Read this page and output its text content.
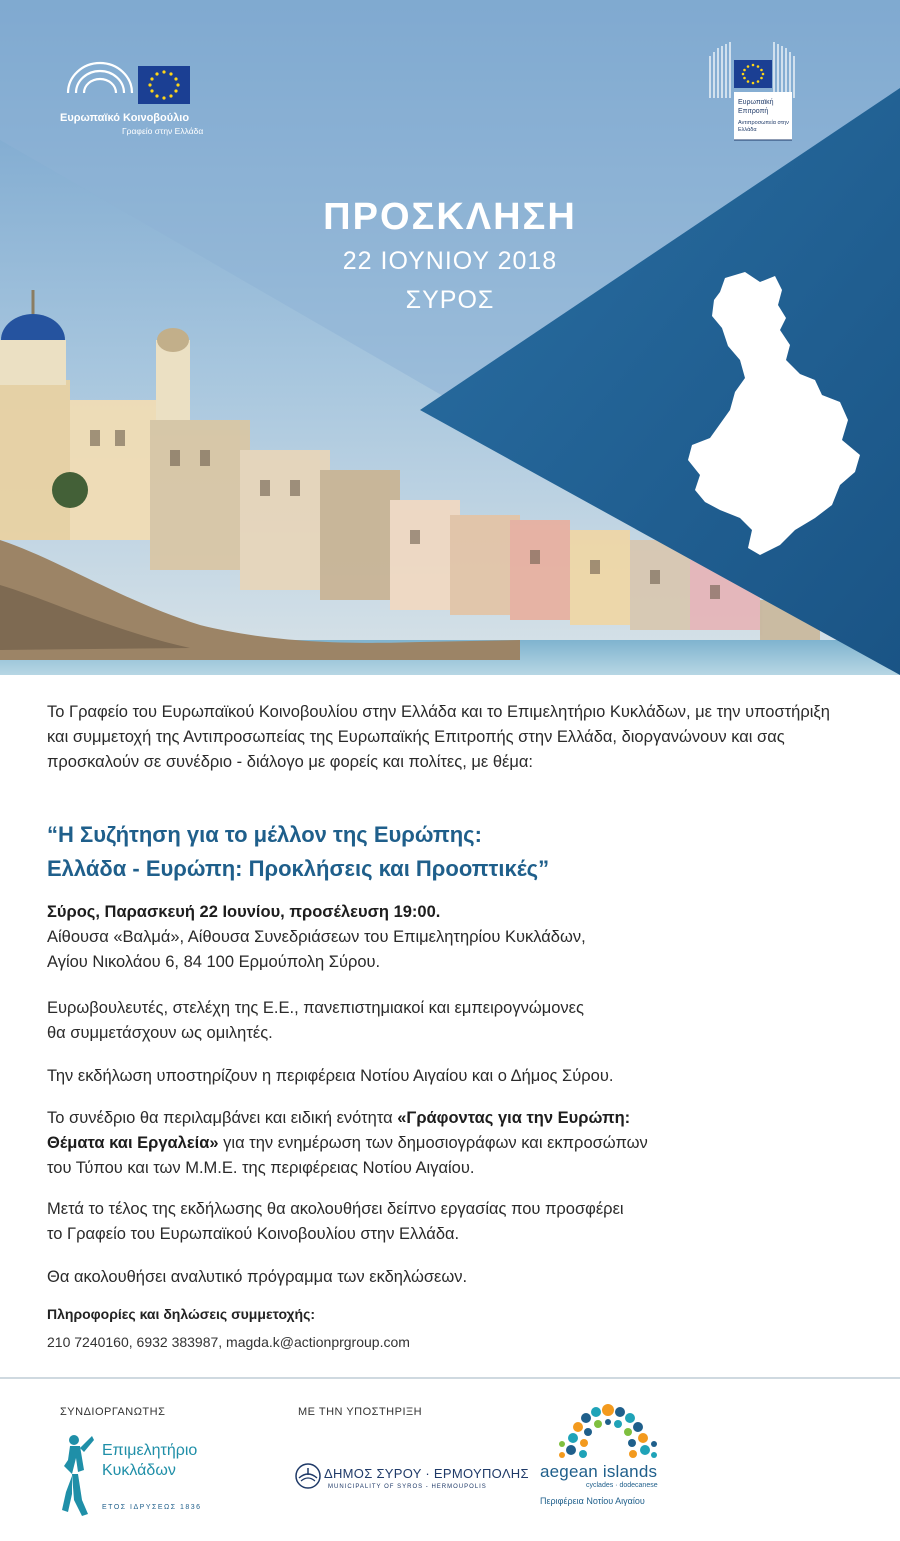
Ευρωπαϊκό Κοινοβούλιο
Γραφείο στην Ελλάδα
Ευρωπαϊκή Επιτροπή
Αντιπροσωπεία στην Ελλάδα
ΠΡΟΣΚΛΗΣΗ
22 ΙΟΥΝΙΟΥ 2018
ΣΥΡΟΣ
Το Γραφείο του Ευρωπαϊκού Κοινοβουλίου στην Ελλάδα και το Επιμελητήριο Κυκλάδων, με την υποστήριξη και συμμετοχή της Αντιπροσωπείας της Ευρωπαϊκής Επιτροπής στην Ελλάδα, διοργανώνουν και σας προσκαλούν σε συνέδριο - διάλογο με φορείς και πολίτες, με θέμα:
“Η Συζήτηση για το μέλλον της Ευρώπης:
Ελλάδα - Ευρώπη: Προκλήσεις και Προοπτικές”
Σύρος, Παρασκευή 22 Ιουνίου, προσέλευση 19:00.
Αίθουσα «Βαλμά», Αίθουσα Συνεδριάσεων του Επιμελητηρίου Κυκλάδων,
Αγίου Νικολάου 6, 84 100 Ερμούπολη Σύρου.
Ευρωβουλευτές, στελέχη της Ε.Ε., πανεπιστημιακοί και εμπειρογνώμονες
θα συμμετάσχουν ως ομιλητές.
Την εκδήλωση υποστηρίζουν η περιφέρεια Νοτίου Αιγαίου και ο Δήμος Σύρου.
Το συνέδριο θα περιλαμβάνει και ειδική ενότητα «Γράφοντας για την Ευρώπη:
Θέματα και Εργαλεία» για την ενημέρωση των δημοσιογράφων και εκπροσώπων
του Τύπου και των Μ.Μ.Ε. της περιφέρειας Νοτίου Αιγαίου.
Μετά το τέλος της εκδήλωσης θα ακολουθήσει δείπνο εργασίας που προσφέρει
το Γραφείο του Ευρωπαϊκού Κοινοβουλίου στην Ελλάδα.
Θα ακολουθήσει αναλυτικό πρόγραμμα των εκδηλώσεων.
Πληροφορίες και δηλώσεις συμμετοχής:
210 7240160, 6932 383987, magda.k@actionprgroup.com
ΣΥΝΔΙΟΡΓΑΝΩΤΗΣ	ΜΕ ΤΗΝ ΥΠΟΣΤΗΡΙΞΗ
Επιμελητήριο
Κυκλάδων
ΕΤΟΣ ΙΔΡΥΣΕΩΣ 1836
ΔΗΜΟΣ ΣΥΡΟΥ · ΕΡΜΟΥΠΟΛΗΣ
MUNICIPALITY OF SYROS - HERMOUPOLIS
aegean islands
cyclades · dodecanese
Περιφέρεια Νοτίου Αιγαίου
